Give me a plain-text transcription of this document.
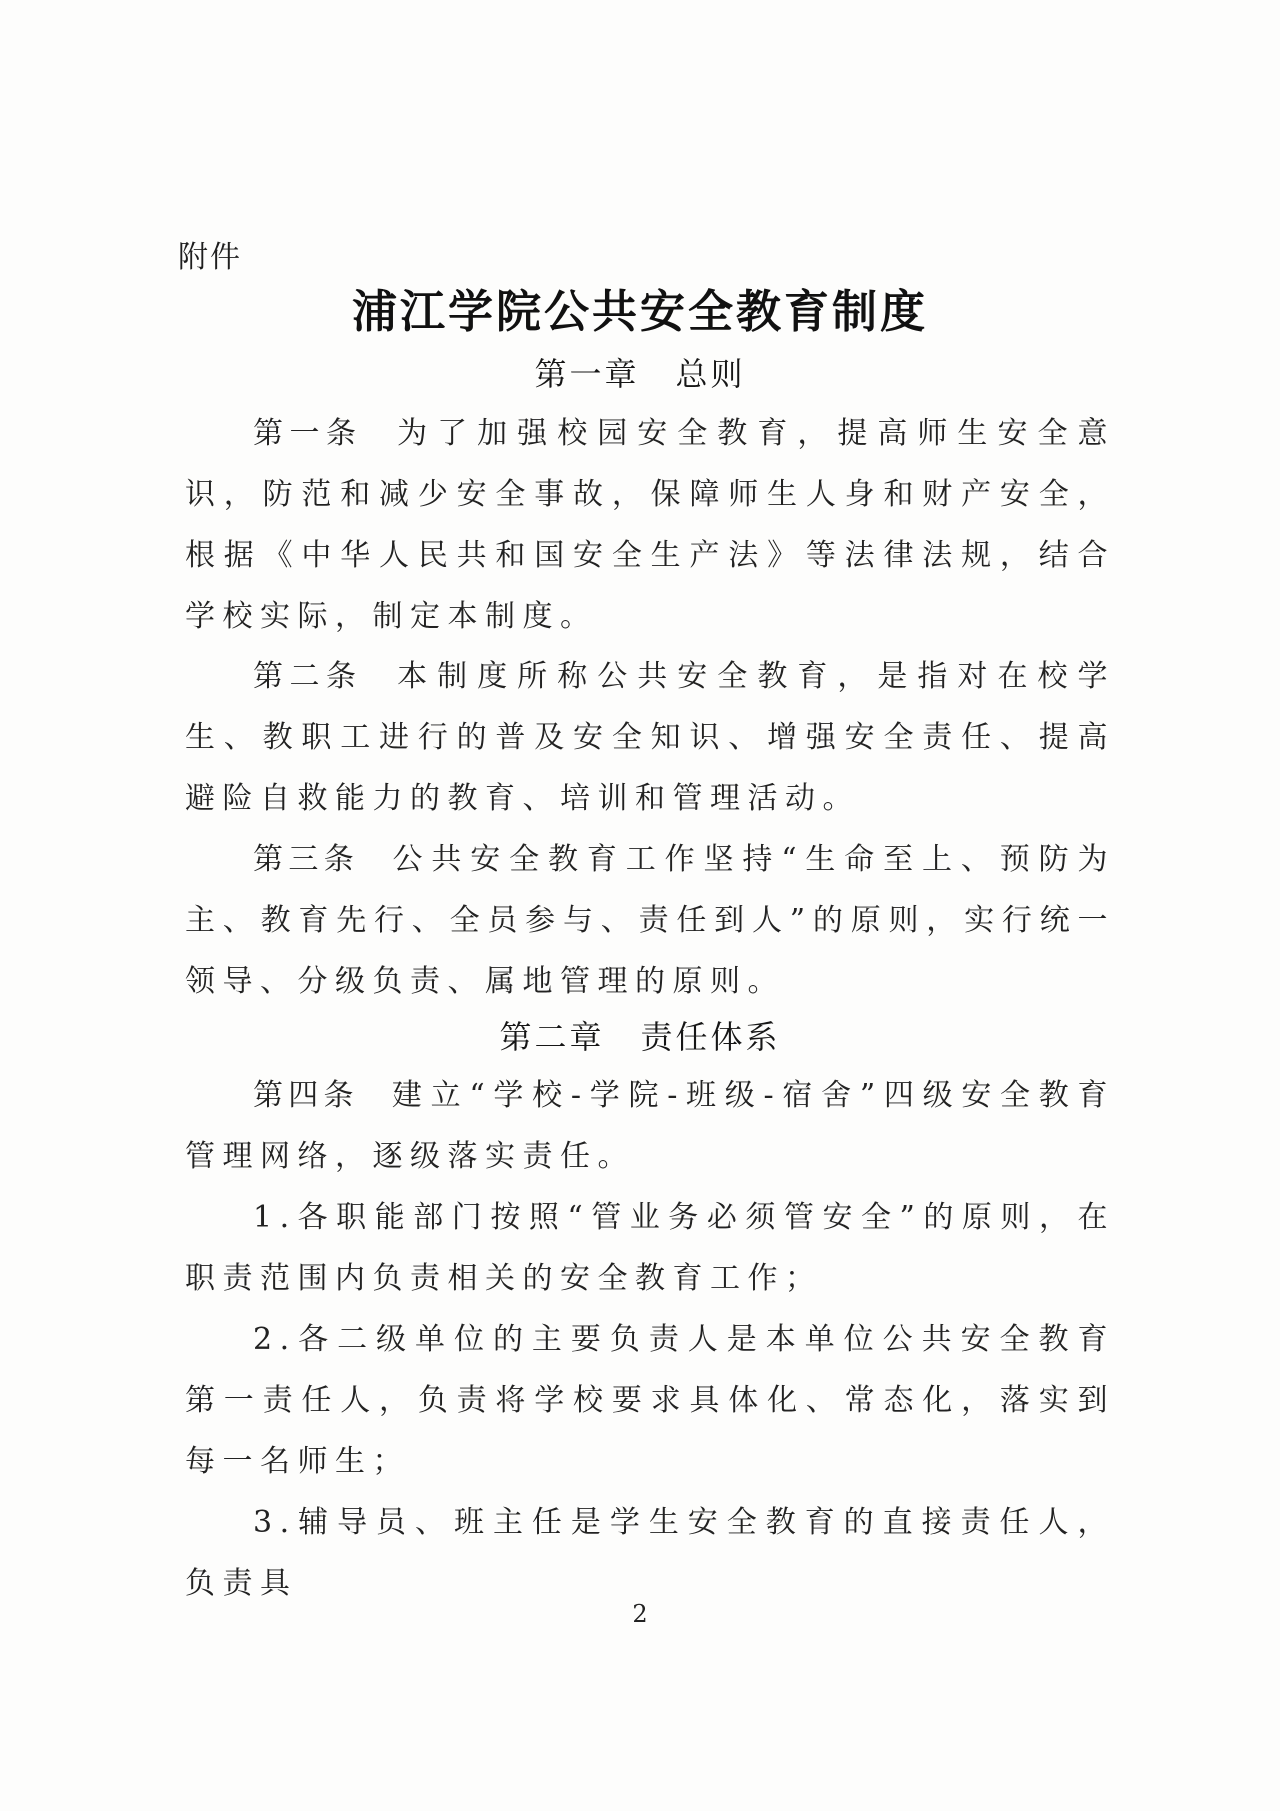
附件
浦江学院公共安全教育制度
第一章 总则
第一条 为了加强校园安全教育，提高师生安全意识，防范和减少安全事故，保障师生人身和财产安全，根据《中华人民共和国安全生产法》等法律法规，结合学校实际，制定本制度。
第二条 本制度所称公共安全教育，是指对在校学生、教职工进行的普及安全知识、增强安全责任、提高避险自救能力的教育、培训和管理活动。
第三条 公共安全教育工作坚持“生命至上、预防为主、教育先行、全员参与、责任到人”的原则，实行统一领导、分级负责、属地管理的原则。
第二章 责任体系
第四条 建立“学校-学院-班级-宿舍”四级安全教育管理网络，逐级落实责任。
1.各职能部门按照“管业务必须管安全”的原则，在职责范围内负责相关的安全教育工作；
2.各二级单位的主要负责人是本单位公共安全教育第一责任人，负责将学校要求具体化、常态化，落实到每一名师生；
3.辅导员、班主任是学生安全教育的直接责任人，负责具
2
